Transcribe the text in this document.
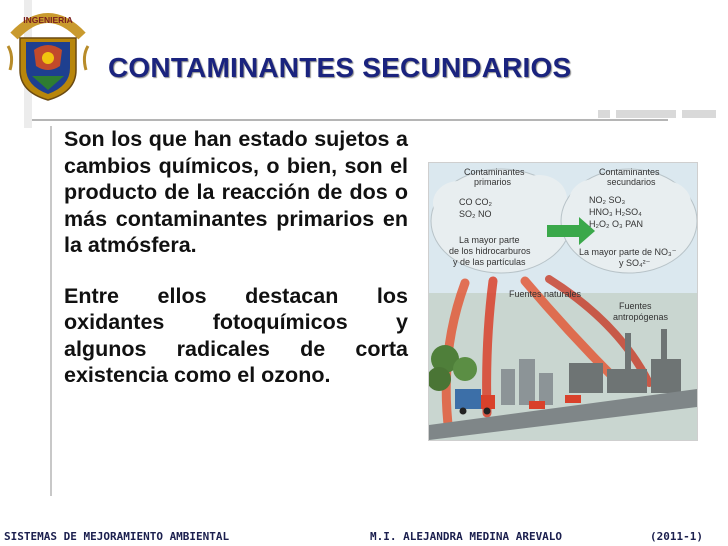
INGENIERIA
CONTAMINANTES SECUNDARIOS

Son los que han estado sujetos a cambios químicos, o bien, son el producto de la reacción de dos o más contaminantes primarios en la atmósfera.

Entre ellos destacan los oxidantes fotoquímicos y algunos radicales de corta existencia como el ozono.

Contaminantes
primarios
CO CO₂
SO₂ NO
La mayor parte
de los hidrocarburos
y de las partículas
Contaminantes
secundarios
NO₂ SO₃
HNO₃ H₂SO₄
H₂O₂ O₃ PAN
La mayor parte de NO₃⁻
y SO₄²⁻
Fuentes naturales
Fuentes
antropógenas
SISTEMAS DE MEJORAMIENTO AMBIENTAL	M.I. ALEJANDRA MEDINA AREVALO	(2011-1)
